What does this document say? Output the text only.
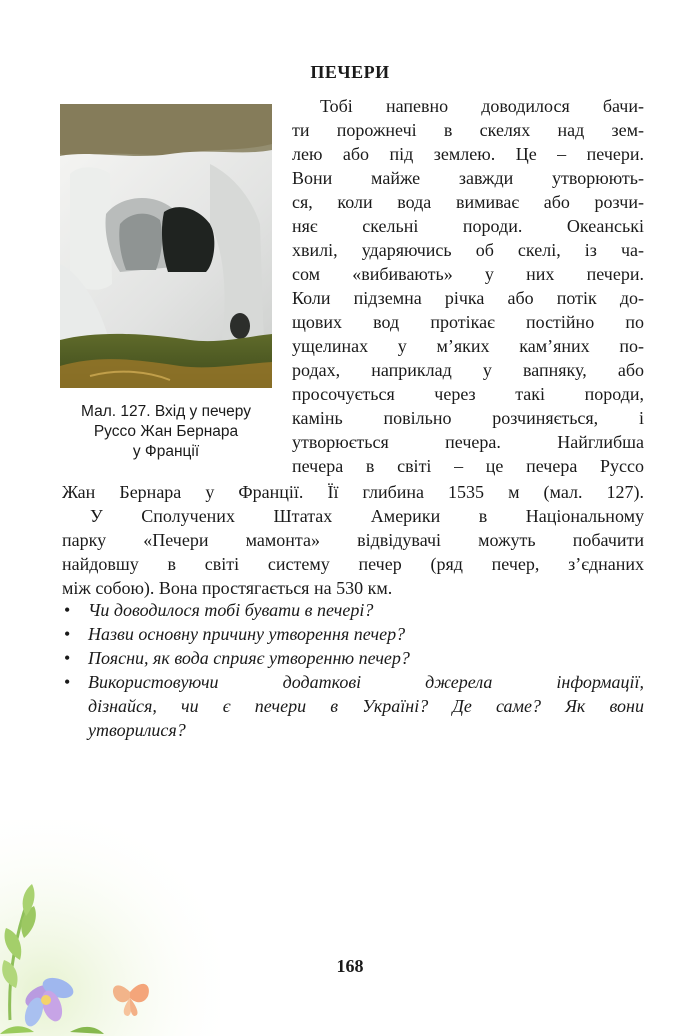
ПЕЧЕРИ
Мал. 127. Вхід у печеру
Руссо Жан Бернара
у Франції
Тобі напевно доводилося бачи-
ти порожнечі в скелях над зем-
лею або під землею. Це – печери.
Вони майже завжди утворюють-
ся, коли вода вимиває або розчи-
няє скельні породи. Океанські
хвилі, ударяючись об скелі, із ча-
сом «вибивають» у них печери.
Коли підземна річка або потік до-
щових вод протікає постійно по
ущелинах у м’яких кам’яних по-
родах, наприклад у вапняку, або
просочується через такі породи,
камінь повільно розчиняється, і
утворюється печера. Найглибша
печера в світі – це печера Руссо
Жан Бернара у Франції. Її глибина 1535 м (мал. 127).
У Сполучених Штатах Америки в Національному
парку «Печери мамонта» відвідувачі можуть побачити
найдовшу в світі систему печер (ряд печер, з’єднаних
між собою). Вона простягається на 530 км.
• Чи доводилося тобі бувати в печері?
• Назви основну причину утворення печер?
• Поясни, як вода сприяє утворенню печер?
• Використовуючи додаткові джерела інформації,
дізнайся, чи є печери в Україні? Де саме? Як вони
утворилися?
168
